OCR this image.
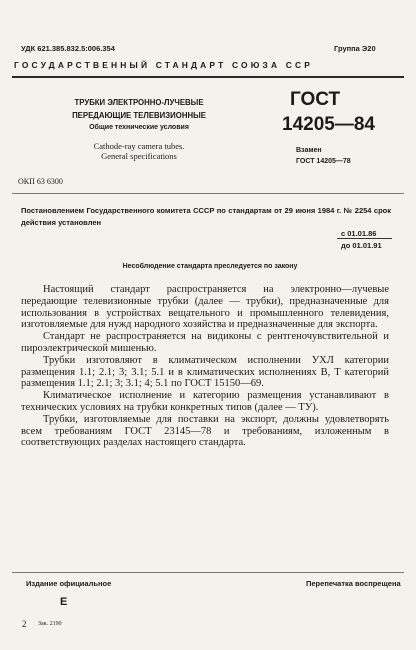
УДК 621.385.832.5:006.354	Группа Э20
ГОСУДАРСТВЕННЫЙ СТАНДАРТ СОЮЗА ССР
ТРУБКИ ЭЛЕКТРОННО-ЛУЧЕВЫЕ
ПЕРЕДАЮЩИЕ ТЕЛЕВИЗИОННЫЕ
Общие технические условия
Cathode-ray camera tubes.
General specifications
ГОСТ
14205—84
Взамен
ГОСТ 14205—78
ОКП 63 6300
Постановлением Государственного комитета СССР по стандартам от 29 июня 1984 г. № 2254 срок действия установлен
с 01.01.86
до 01.01.91
Несоблюдение стандарта преследуется по закону

Настоящий стандарт распространяется на электронно—лучевые передающие телевизионные трубки (далее — трубки), предназначенные для использования в устройствах вещательного и промышленного телевидения, изготовляемые для нужд народного хозяйства и предназначенные для экспорта.

Стандарт не распространяется на видиконы с рентгеночувствительной и пироэлектрической мишенью.

Трубки изготовляют в климатическом исполнении УХЛ категории размещения 1.1; 2.1; 3; 3.1; 5.1 и в климатических исполнениях В, Т категорий размещения 1.1; 2.1; 3; 3.1; 4; 5.1 по ГОСТ 15150—69.

Климатическое исполнение и категорию размещения устанавливают в технических условиях на трубки конкретных типов (далее — ТУ).

Трубки, изготовляемые для поставки на экспорт, должны удовлетворять всем требованиям ГОСТ 23145—78 и требованиям, изложенным в соответствующих разделах настоящего стандарта.

Издание официальное	Перепечатка воспрещена
E
2 Зак. 2190
